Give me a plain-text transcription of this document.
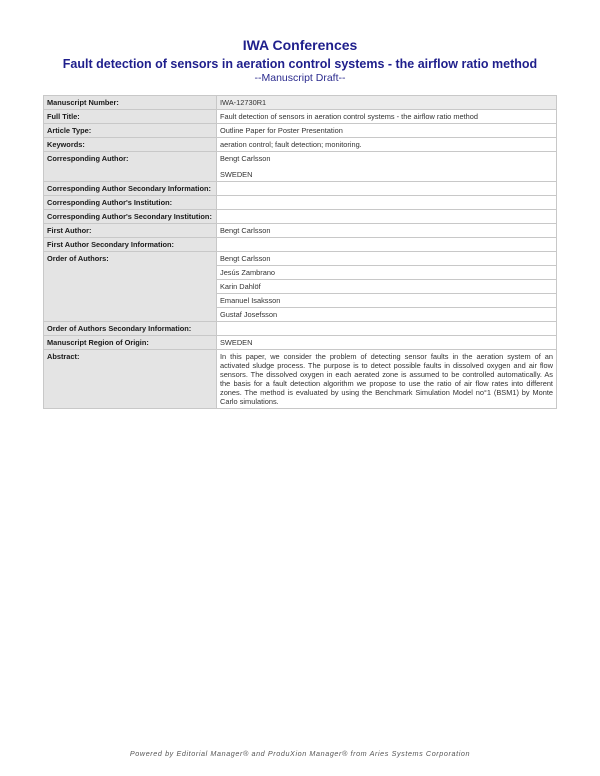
IWA Conferences
Fault detection of sensors in aeration control systems - the airflow ratio method
--Manuscript Draft--
Manuscript Number:	IWA-12730R1
Full Title:	Fault detection of sensors in aeration control systems - the airflow ratio method
Article Type:	Outline Paper for Poster Presentation
Keywords:	aeration control; fault detection; monitoring.
Corresponding Author:	Bengt Carlsson
SWEDEN

Corresponding Author Secondary Information:	
Corresponding Author's Institution:	
Corresponding Author's Secondary Institution:	
First Author:	Bengt Carlsson
First Author Secondary Information:	
Order of Authors:	Bengt Carlsson
	Jesús Zambrano
	Karin Dahlöf
	Emanuel Isaksson
	Gustaf Josefsson
Order of Authors Secondary Information:	
Manuscript Region of Origin:	SWEDEN
Abstract:	In this paper, we consider the problem of detecting sensor faults in the aeration system of an activated sludge process. The purpose is to detect possible faults in dissolved oxygen and air flow sensors. The dissolved oxygen in each aerated zone is assumed to be controlled automatically. As the basis for a fault detection algorithm we propose to use the ratio of air flow rates into different zones. The method is evaluated by using the Benchmark Simulation Model no°1 (BSM1) by Monte Carlo simulations.
Powered by Editorial Manager® and ProduXion Manager® from Aries Systems Corporation
